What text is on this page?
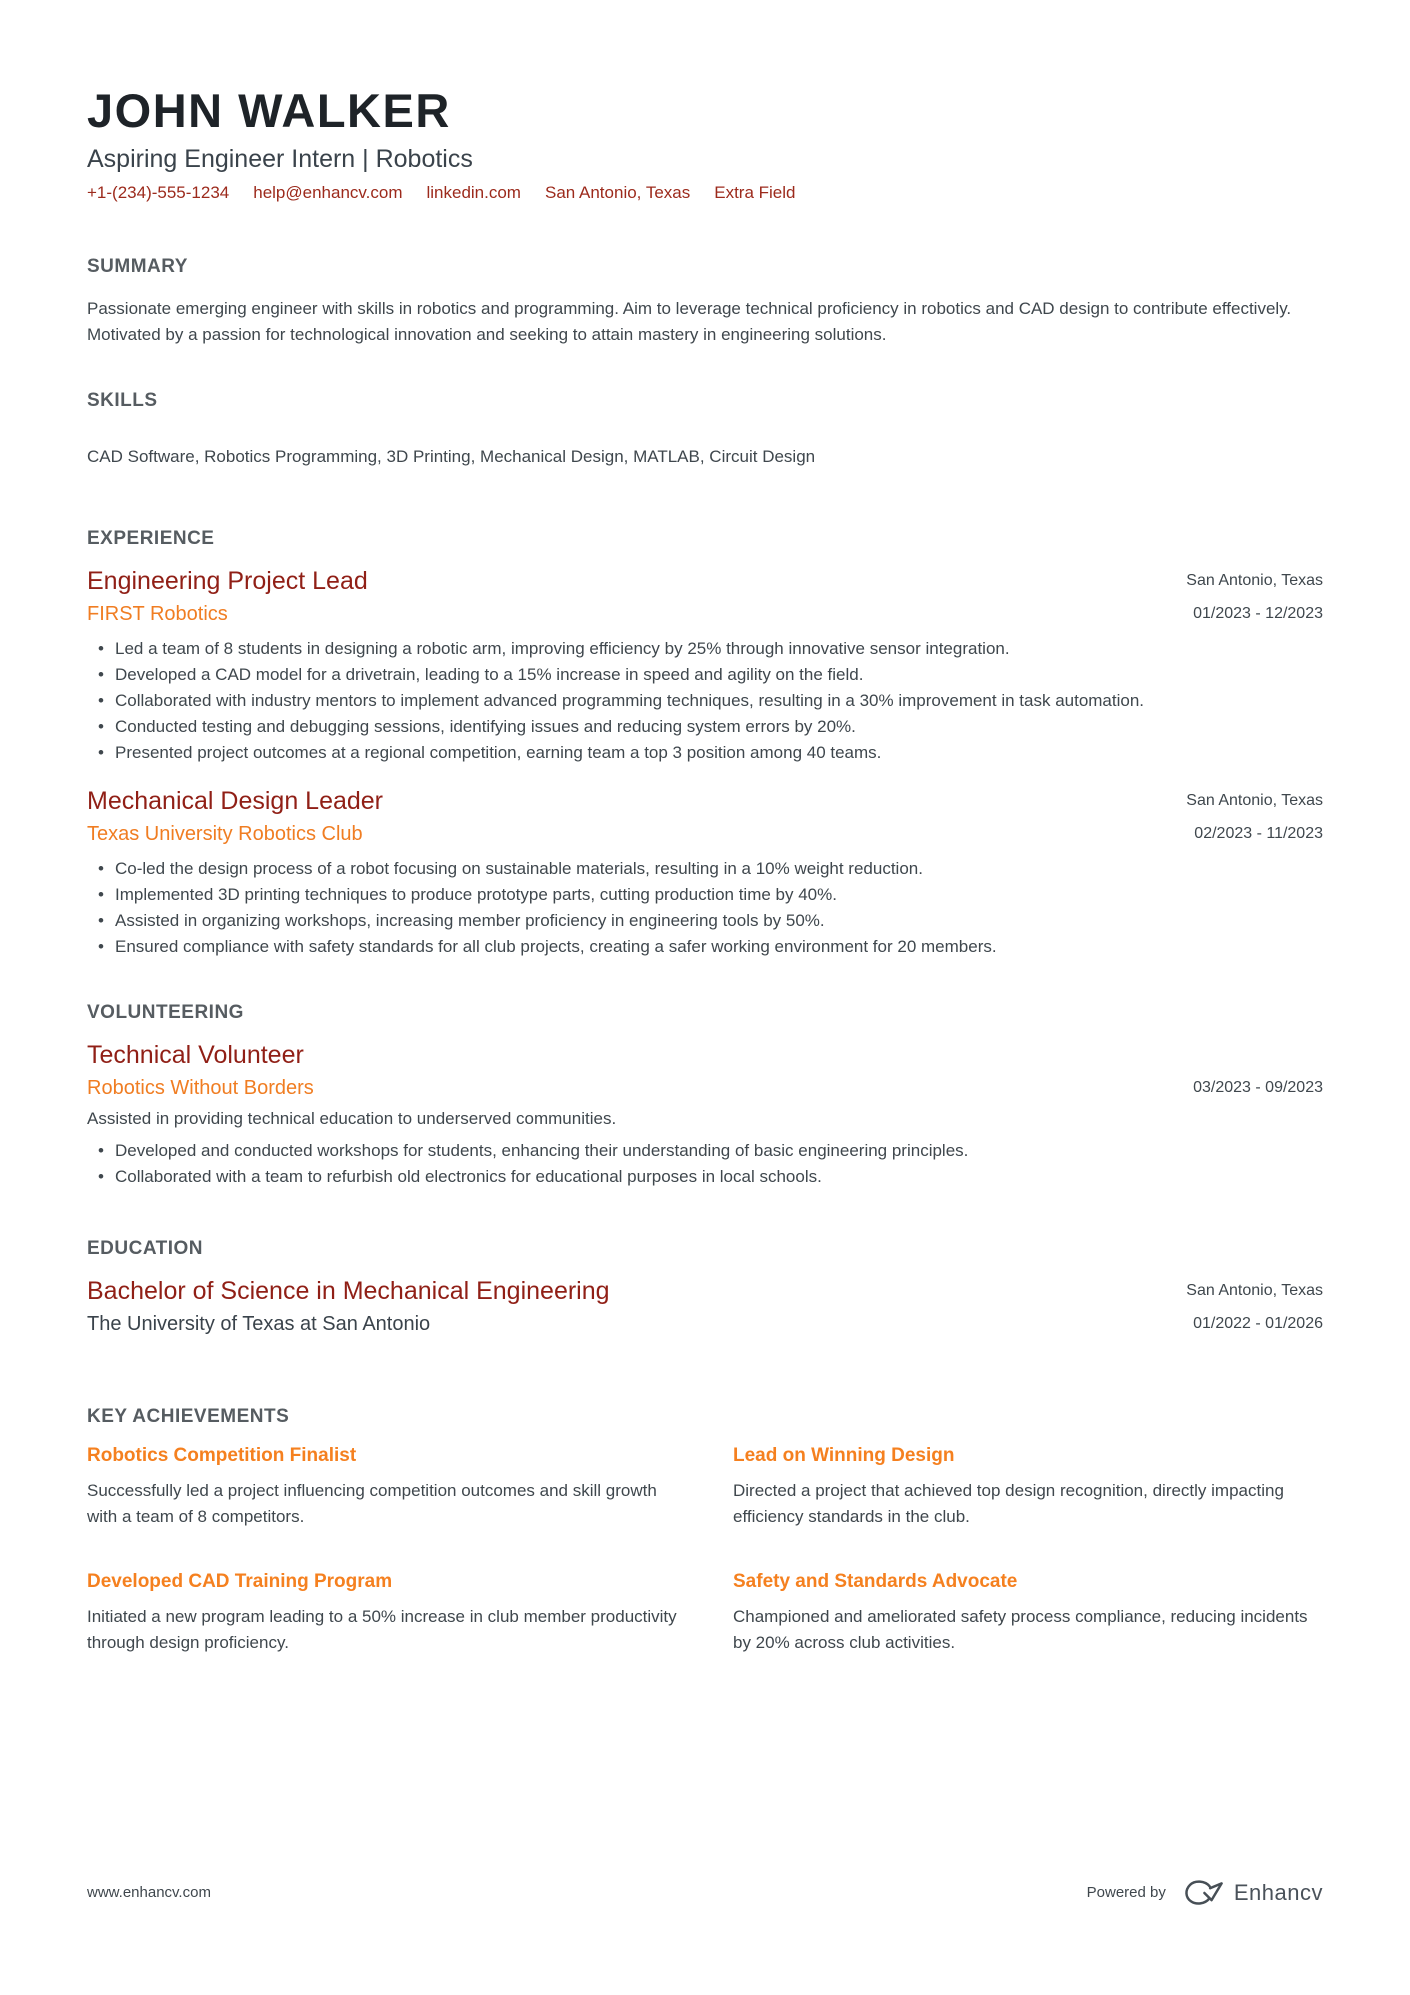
JOHN WALKER
Aspiring Engineer Intern | Robotics
+1-(234)-555-1234 help@enhancv.com linkedin.com San Antonio, Texas Extra Field
SUMMARY
Passionate emerging engineer with skills in robotics and programming. Aim to leverage technical proficiency in robotics and CAD design to contribute effectively. Motivated by a passion for technological innovation and seeking to attain mastery in engineering solutions.
SKILLS
CAD Software, Robotics Programming, 3D Printing, Mechanical Design, MATLAB, Circuit Design
EXPERIENCE
Engineering Project Lead
FIRST Robotics
San Antonio, Texas
01/2023 - 12/2023
• Led a team of 8 students in designing a robotic arm, improving efficiency by 25% through innovative sensor integration.
• Developed a CAD model for a drivetrain, leading to a 15% increase in speed and agility on the field.
• Collaborated with industry mentors to implement advanced programming techniques, resulting in a 30% improvement in task automation.
• Conducted testing and debugging sessions, identifying issues and reducing system errors by 20%.
• Presented project outcomes at a regional competition, earning team a top 3 position among 40 teams.
Mechanical Design Leader
Texas University Robotics Club
San Antonio, Texas
02/2023 - 11/2023
• Co-led the design process of a robot focusing on sustainable materials, resulting in a 10% weight reduction.
• Implemented 3D printing techniques to produce prototype parts, cutting production time by 40%.
• Assisted in organizing workshops, increasing member proficiency in engineering tools by 50%.
• Ensured compliance with safety standards for all club projects, creating a safer working environment for 20 members.
VOLUNTEERING
Technical Volunteer
Robotics Without Borders	03/2023 - 09/2023
Assisted in providing technical education to underserved communities.
• Developed and conducted workshops for students, enhancing their understanding of basic engineering principles.
• Collaborated with a team to refurbish old electronics for educational purposes in local schools.
EDUCATION
Bachelor of Science in Mechanical Engineering
The University of Texas at San Antonio
San Antonio, Texas
01/2022 - 01/2026
KEY ACHIEVEMENTS
Robotics Competition Finalist
Successfully led a project influencing competition outcomes and skill growth with a team of 8 competitors.
Lead on Winning Design
Directed a project that achieved top design recognition, directly impacting efficiency standards in the club.
Developed CAD Training Program
Initiated a new program leading to a 50% increase in club member productivity through design proficiency.
Safety and Standards Advocate
Championed and ameliorated safety process compliance, reducing incidents by 20% across club activities.
www.enhancv.com	Powered by	Enhancv
